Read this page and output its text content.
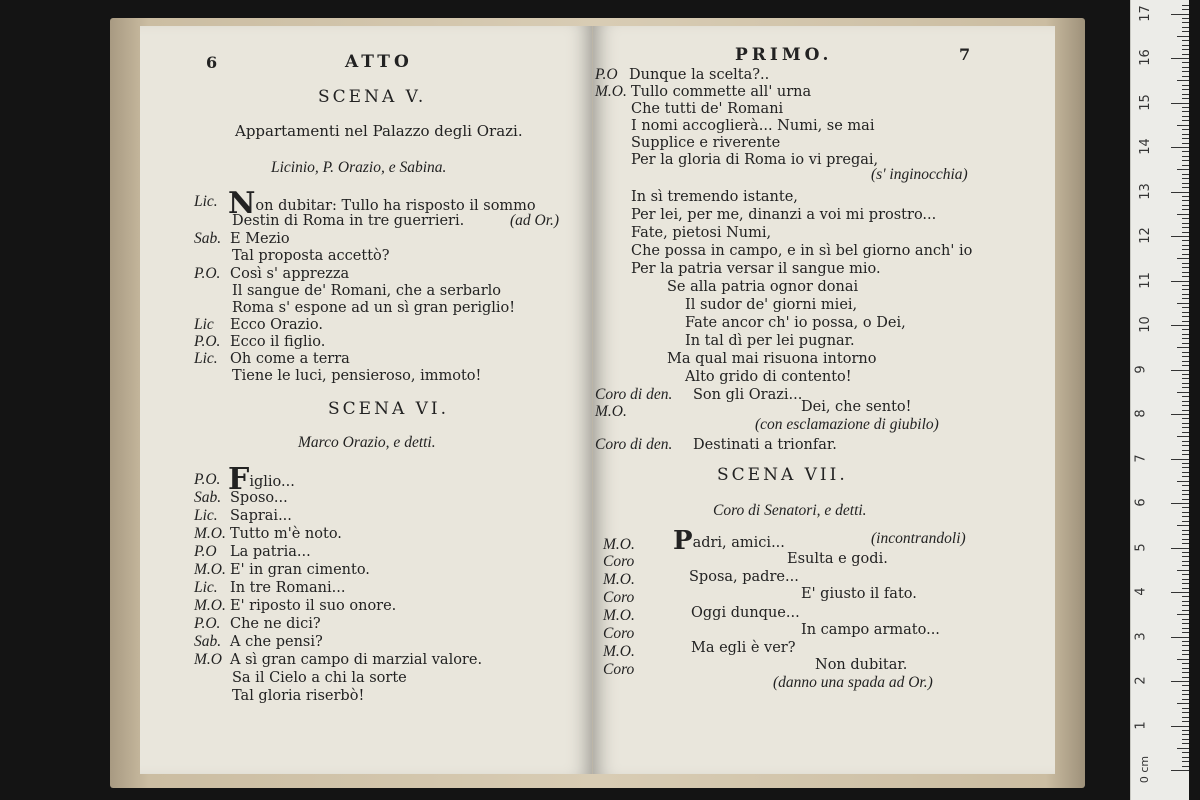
6	ATTO
SCENA V.
Appartamenti nel Palazzo degli Orazi.
Licinio, P. Orazio, e Sabina.
Lic. Non dubitar: Tullo ha risposto il sommo
Destin di Roma in tre guerrieri.	(ad Or.)
Sab. E Mezio
Tal proposta accettò?
P.O. Così s' apprezza
Il sangue de' Romani, che a serbarlo
Roma s' espone ad un sì gran periglio!
Lic Ecco Orazio.
P.O. Ecco il figlio.
Lic. Oh come a terra
Tiene le luci, pensieroso, immoto!
SCENA VI.
Marco Orazio, e detti.
P.O. Figlio...
Sab. Sposo...
Lic. Saprai...
M.O. Tutto m'è noto.
P.O La patria...
M.O. E' in gran cimento.
Lic. In tre Romani...
M.O. E' riposto il suo onore.
P.O. Che ne dici?
Sab. A che pensi?
M.O A sì gran campo di marzial valore.
Sa il Cielo a chi la sorte
Tal gloria riserbò!
PRIMO.	7
P.O Dunque la scelta?..
M.O. Tullo commette all' urna
Che tutti de' Romani
I nomi accoglierà... Numi, se mai
Supplice e riverente
Per la gloria di Roma io vi pregai,
(s' inginocchia)
In sì tremendo istante,
Per lei, per me, dinanzi a voi mi prostro...
Fate, pietosi Numi,
Che possa in campo, e in sì bel giorno anch' io
Per la patria versar il sangue mio.
Se alla patria ognor donai
Il sudor de' giorni miei,
Fate ancor ch' io possa, o Dei,
In tal dì per lei pugnar.
Ma qual mai risuona intorno
Alto grido di contento!
Coro di den. Son gli Orazi...
M.O.	Dei, che sento!
(con esclamazione di giubilo)
Coro di den. Destinati a trionfar.
SCENA VII.
Coro di Senatori, e detti.
M.O. Padri, amici...	(incontrandoli)
Coro	Esulta e godi.
M.O.	Sposa, padre...
Coro	E' giusto il fato.
M.O.	Oggi dunque...
Coro	In campo armato...
M.O.	Ma egli è ver?
Coro	Non dubitar.
(danno una spada ad Or.)
0 cm
1
2
3
4
5
6
7
8
9
10
11
12
13
14
15
16
17
